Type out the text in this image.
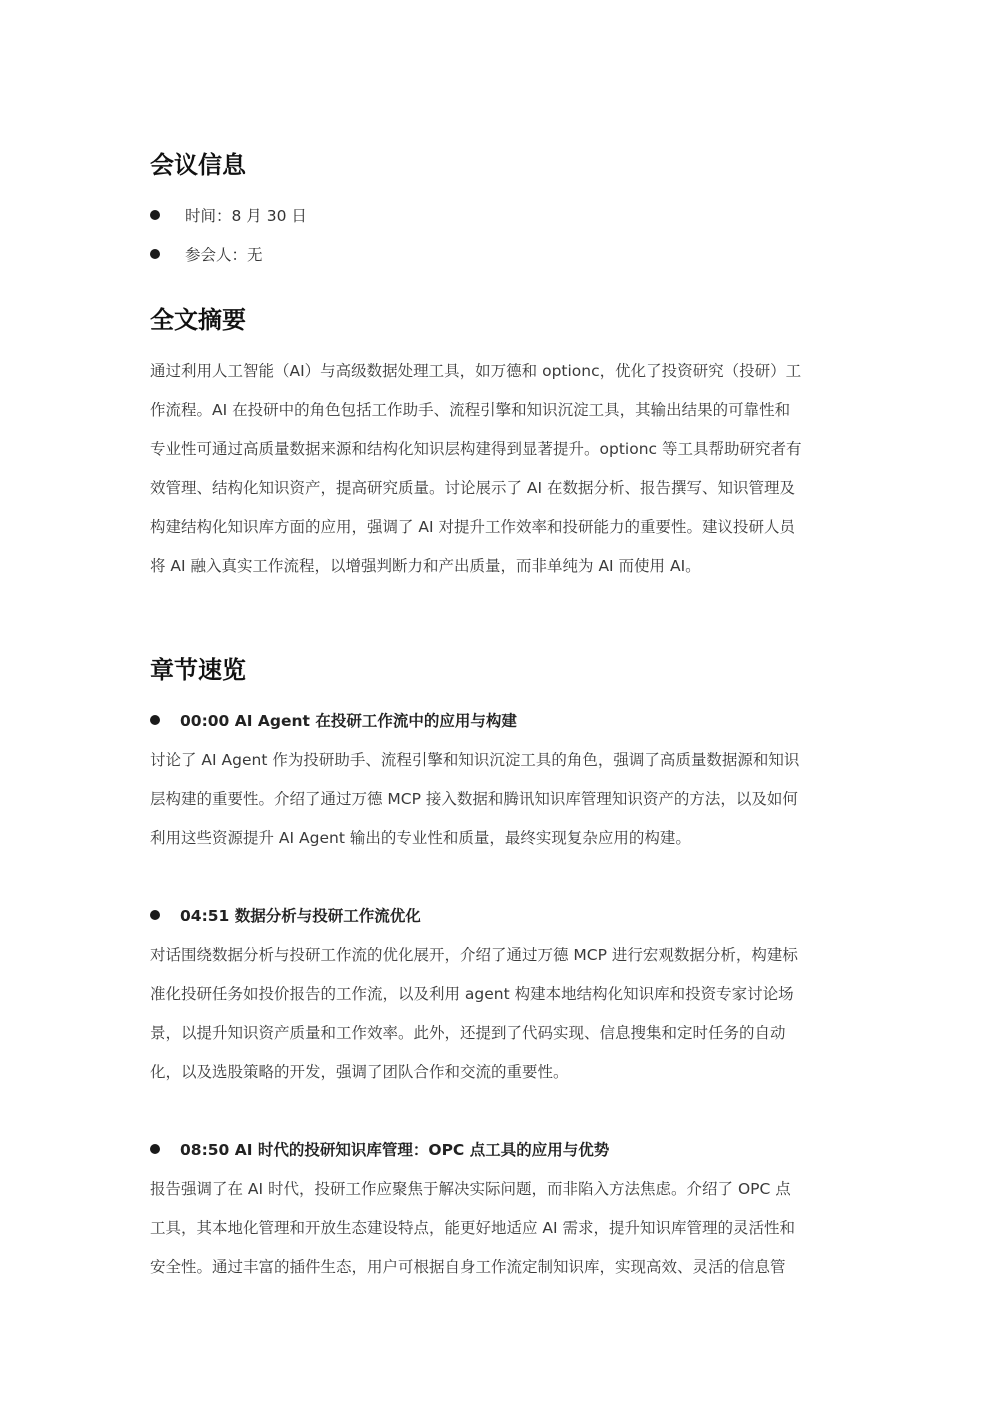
会议信息
时间：8 月 30 日
参会人：无
全文摘要
通过利用人工智能（AI）与高级数据处理工具，如万德和 optionc，优化了投资研究（投研）工
作流程。AI 在投研中的角色包括工作助手、流程引擎和知识沉淀工具，其输出结果的可靠性和
专业性可通过高质量数据来源和结构化知识层构建得到显著提升。optionc 等工具帮助研究者有
效管理、结构化知识资产，提高研究质量。讨论展示了 AI 在数据分析、报告撰写、知识管理及
构建结构化知识库方面的应用，强调了 AI 对提升工作效率和投研能力的重要性。建议投研人员
将 AI 融入真实工作流程，以增强判断力和产出质量，而非单纯为 AI 而使用 AI。
章节速览
00:00 AI Agent 在投研工作流中的应用与构建
讨论了 AI Agent 作为投研助手、流程引擎和知识沉淀工具的角色，强调了高质量数据源和知识
层构建的重要性。介绍了通过万德 MCP 接入数据和腾讯知识库管理知识资产的方法，以及如何
利用这些资源提升 AI Agent 输出的专业性和质量，最终实现复杂应用的构建。
04:51 数据分析与投研工作流优化
对话围绕数据分析与投研工作流的优化展开，介绍了通过万德 MCP 进行宏观数据分析，构建标
准化投研任务如投价报告的工作流，以及利用 agent 构建本地结构化知识库和投资专家讨论场
景，以提升知识资产质量和工作效率。此外，还提到了代码实现、信息搜集和定时任务的自动
化，以及选股策略的开发，强调了团队合作和交流的重要性。
08:50 AI 时代的投研知识库管理：OPC 点工具的应用与优势
报告强调了在 AI 时代，投研工作应聚焦于解决实际问题，而非陷入方法焦虑。介绍了 OPC 点
工具，其本地化管理和开放生态建设特点，能更好地适应 AI 需求，提升知识库管理的灵活性和
安全性。通过丰富的插件生态，用户可根据自身工作流定制知识库，实现高效、灵活的信息管
